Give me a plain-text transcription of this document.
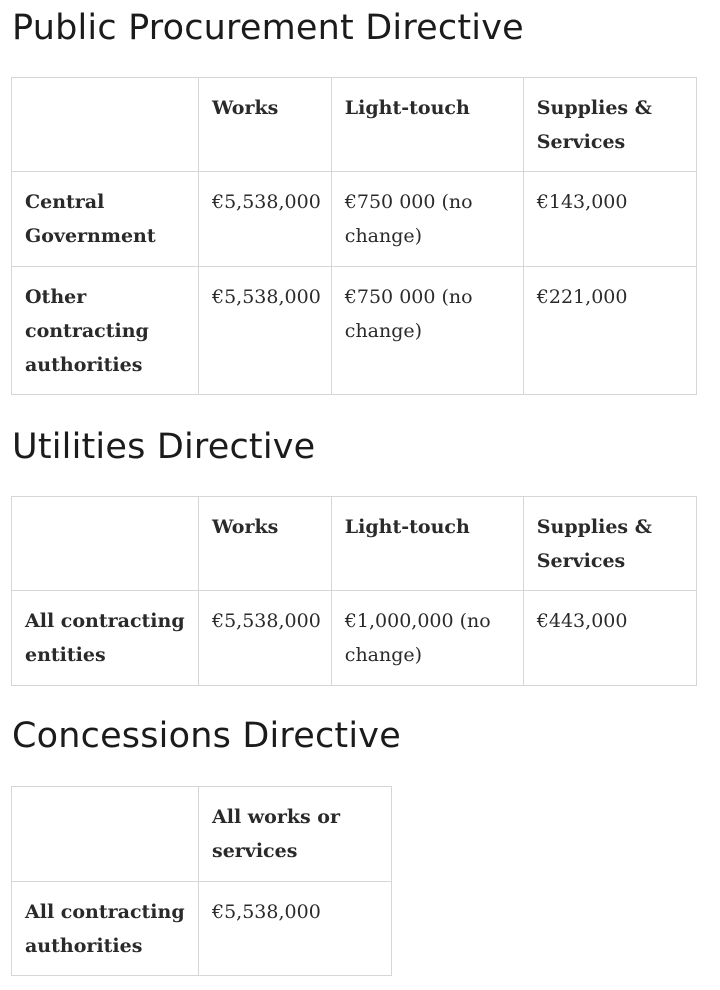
Public Procurement Directive
	Works	Light-touch	Supplies & Services
Central Government	€5,538,000	€750 000 (no change)	€143,000
Other contracting authorities	€5,538,000	€750 000 (no change)	€221,000
Utilities Directive
	Works	Light-touch	Supplies & Services
All contracting entities	€5,538,000	€1,000,000 (no change)	€443,000
Concessions Directive
	All works or services
All contracting authorities	€5,538,000
